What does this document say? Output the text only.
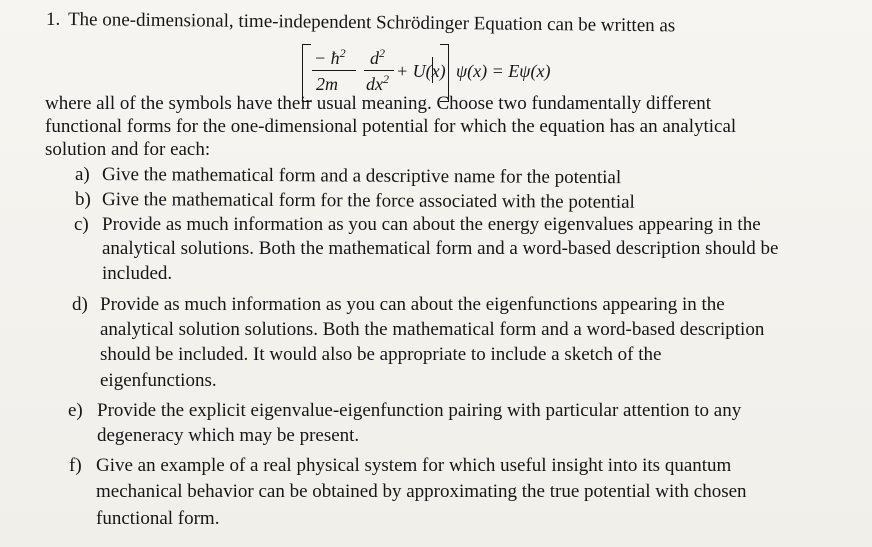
1. The one-dimensional, time-independent Schrödinger Equation can be written as
− $ħ^2$ $d^2$
2m $dx^2 + U(x) \psi(x) = E\psi(x)$
where all of the symbols have their usual meaning. Choose two fundamentally different
functional forms for the one-dimensional potential for which the equation has an analytical
solution and for each:
a) Give the mathematical form and a descriptive name for the potential
b) Give the mathematical form for the force associated with the potential
c) Provide as much information as you can about the energy eigenvalues appearing in the
analytical solutions. Both the mathematical form and a word-based description should be
included.
d) Provide as much information as you can about the eigenfunctions appearing in the
analytical solution solutions. Both the mathematical form and a word-based description
should be included. It would also be appropriate to include a sketch of the
eigenfunctions.
e) Provide the explicit eigenvalue-eigenfunction pairing with particular attention to any
degeneracy which may be present.
f) Give an example of a real physical system for which useful insight into its quantum
mechanical behavior can be obtained by approximating the true potential with chosen
functional form.
